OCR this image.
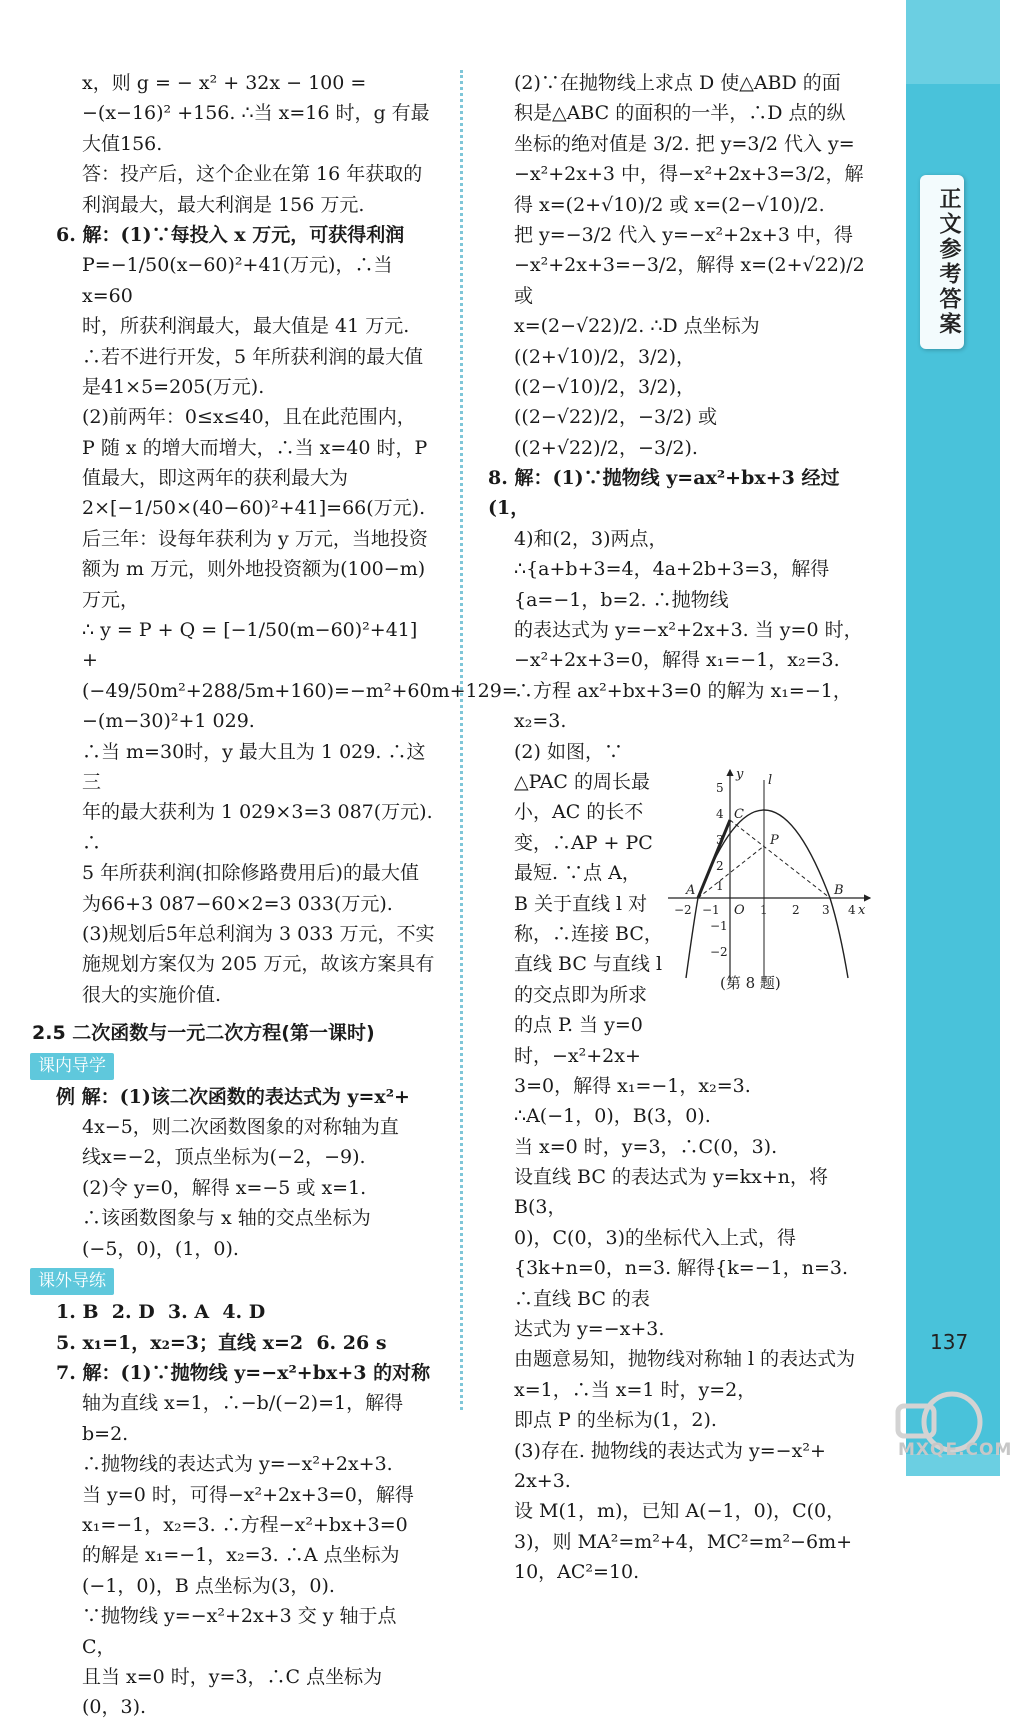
正文参考答案

x，则 g = − x² + 32x − 100 =

−(x−16)² +156. ∴当 x=16 时，g 有最

大值156.

答：投产后，这个企业在第 16 年获取的

利润最大，最大利润是 156 万元.

6. 解：(1)∵每投入 x 万元，可获得利润

P=−1/50(x−60)²+41(万元)，∴当 x=60

时，所获利润最大，最大值是 41 万元.

∴若不进行开发，5 年所获利润的最大值

是41×5=205(万元).

(2)前两年：0≤x≤40，且在此范围内，

P 随 x 的增大而增大，∴当 x=40 时，P

值最大，即这两年的获利最大为

2×[−1/50×(40−60)²+41]=66(万元).

后三年：设每年获利为 y 万元，当地投资

额为 m 万元，则外地投资额为(100−m)

万元，

∴ y = P + Q = [−1/50(m−60)²+41] +

(−49/50m²+288/5m+160)=−m²+60m+129=

−(m−30)²+1 029.

∴当 m=30时，y 最大且为 1 029. ∴这三

年的最大获利为 1 029×3=3 087(万元). ∴

5 年所获利润(扣除修路费用后)的最大值

为66+3 087−60×2=3 033(万元).

(3)规划后5年总利润为 3 033 万元，不实

施规划方案仅为 205 万元，故该方案具有

很大的实施价值.

2.5 二次函数与一元二次方程(第一课时)

课内导学

例 解：(1)该二次函数的表达式为 y=x²+

4x−5，则二次函数图象的对称轴为直

线x=−2，顶点坐标为(−2，−9).

(2)令 y=0，解得 x=−5 或 x=1.

∴该函数图象与 x 轴的交点坐标为

(−5，0)，(1，0).

课外导练

1. B  2. D  3. A  4. D

5. x₁=1，x₂=3；直线 x=2  6. 26 s

7. 解：(1)∵抛物线 y=−x²+bx+3 的对称

轴为直线 x=1，∴−b/(−2)=1，解得 b=2.

∴抛物线的表达式为 y=−x²+2x+3.

当 y=0 时，可得−x²+2x+3=0，解得

x₁=−1，x₂=3. ∴方程−x²+bx+3=0

的解是 x₁=−1，x₂=3. ∴A 点坐标为

(−1，0)，B 点坐标为(3，0).

∵抛物线 y=−x²+2x+3 交 y 轴于点 C，

且当 x=0 时，y=3，∴C 点坐标为

(0，3).

(2)∵在抛物线上求点 D 使△ABD 的面

积是△ABC 的面积的一半，∴D 点的纵

坐标的绝对值是 3/2. 把 y=3/2 代入 y=

−x²+2x+3 中，得−x²+2x+3=3/2，解

得 x=(2+√10)/2 或 x=(2−√10)/2.

把 y=−3/2 代入 y=−x²+2x+3 中，得

−x²+2x+3=−3/2，解得 x=(2+√22)/2 或

x=(2−√22)/2. ∴D 点坐标为((2+√10)/2，3/2)，

((2−√10)/2，3/2)，((2−√22)/2，−3/2) 或

((2+√22)/2，−3/2).

8. 解：(1)∵抛物线 y=ax²+bx+3 经过(1，

4)和(2，3)两点，

∴{a+b+3=4，4a+2b+3=3，解得{a=−1，b=2. ∴抛物线

的表达式为 y=−x²+2x+3. 当 y=0 时，

−x²+2x+3=0，解得 x₁=−1，x₂=3.

∴方程 ax²+bx+3=0 的解为 x₁=−1，

x₂=3.

(2) 如图，∵

△PAC 的周长最

小，AC 的长不

变，∴AP + PC

最短. ∵点 A，

B 关于直线 l 对

称，∴连接 BC，

直线 BC 与直线 l

的交点即为所求

的点 P. 当 y=0

时，−x²+2x+

3=0，解得 x₁=−1，x₂=3.

∴A(−1，0)，B(3，0).

当 x=0 时，y=3，∴C(0，3).

设直线 BC 的表达式为 y=kx+n，将 B(3，

0)，C(0，3)的坐标代入上式，得

{3k+n=0，n=3. 解得{k=−1，n=3. ∴直线 BC 的表

达式为 y=−x+3.

由题意易知，抛物线对称轴 l 的表达式为

x=1，∴当 x=1 时，y=2，

即点 P 的坐标为(1，2).

(3)存在. 抛物线的表达式为 y=−x²+

2x+3.

设 M(1，m)，已知 A(−1，0)，C(0，

3)，则 MA²=m²+4，MC²=m²−6m+

10，AC²=10.

y
x
O
l
A	B
C
P
−2 −1	1 2 3 4
5
4
3
2
1
−1
−2
(第 8 题)
137
MXQE.COM
